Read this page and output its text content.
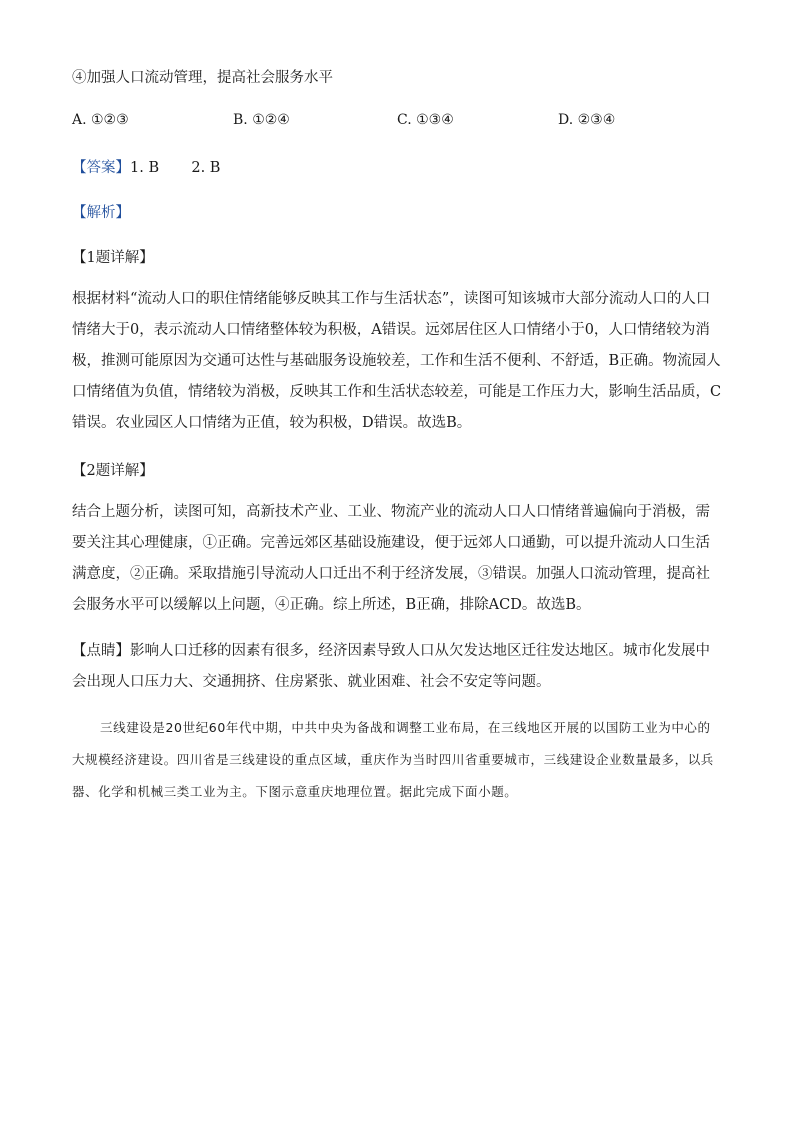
④加强人口流动管理，提高社会服务水平
A. ①②③	B. ①②④	C. ①③④	D. ②③④
【答案】1. B       2. B
【解析】
【1题详解】
根据材料“流动人口的职住情绪能够反映其工作与生活状态”，读图可知该城市大部分流动人口的人口情绪大于0，表示流动人口情绪整体较为积极，A错误。远郊居住区人口情绪小于0，人口情绪较为消极，推测可能原因为交通可达性与基础服务设施较差，工作和生活不便利、不舒适，B正确。物流园人口情绪值为负值，情绪较为消极，反映其工作和生活状态较差，可能是工作压力大，影响生活品质，C错误。农业园区人口情绪为正值，较为积极，D错误。故选B。
【2题详解】
结合上题分析，读图可知，高新技术产业、工业、物流产业的流动人口人口情绪普遍偏向于消极，需要关注其心理健康，①正确。完善远郊区基础设施建设，便于远郊人口通勤，可以提升流动人口生活满意度，②正确。采取措施引导流动人口迁出不利于经济发展，③错误。加强人口流动管理，提高社会服务水平可以缓解以上问题，④正确。综上所述，B正确，排除ACD。故选B。
【点睛】影响人口迁移的因素有很多，经济因素导致人口从欠发达地区迁往发达地区。城市化发展中会出现人口压力大、交通拥挤、住房紧张、就业困难、社会不安定等问题。
三线建设是20世纪60年代中期，中共中央为备战和调整工业布局，在三线地区开展的以国防工业为中心的大规模经济建设。四川省是三线建设的重点区域，重庆作为当时四川省重要城市，三线建设企业数量最多，以兵器、化学和机械三类工业为主。下图示意重庆地理位置。据此完成下面小题。
